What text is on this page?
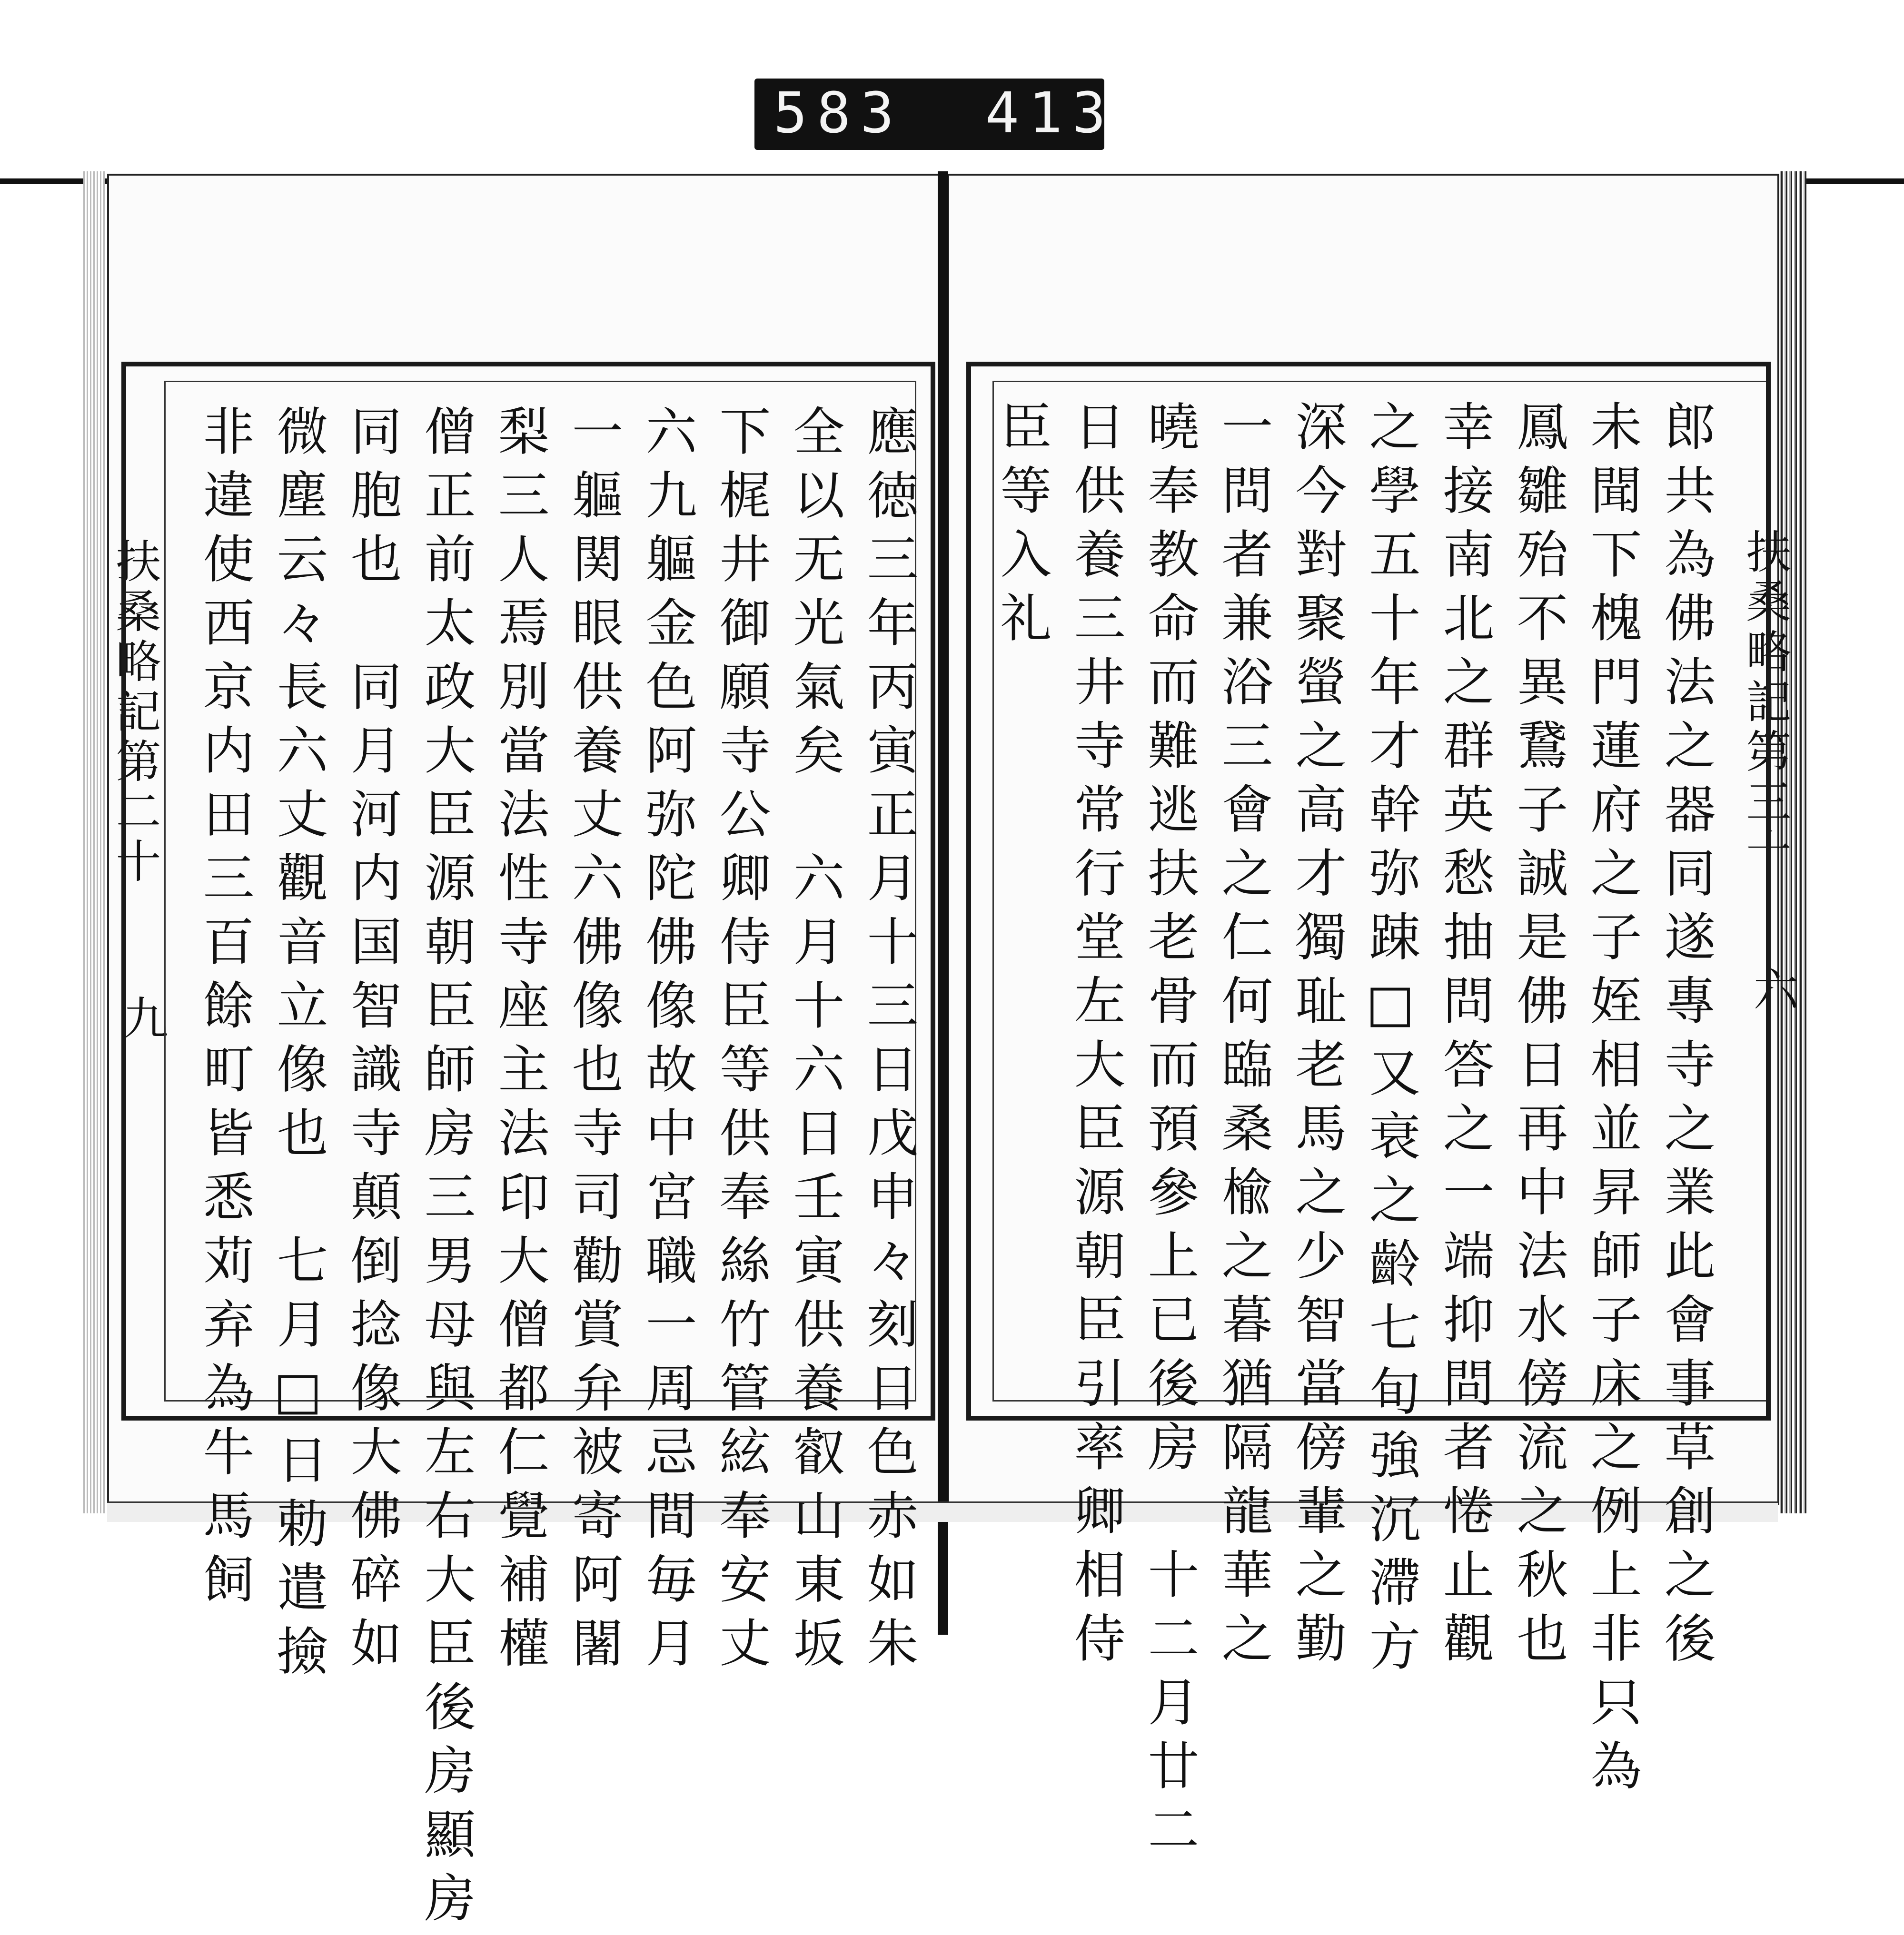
583 413
扶桑略記第二十
九
扶桑略記第三十
六
應徳三年丙寅正月十三日戊申々刻日色赤如朱
全以无光氣矣　六月十六日壬寅供養叡山東坂
下梶井御願寺公卿侍臣等供奉絲竹管絃奉安丈
六九軀金色阿弥陀佛像故中宮職一周忌間毎月
一軀関眼供養丈六佛像也寺司勸賞弁被寄阿闍
梨三人焉別當法性寺座主法印大僧都仁覺補權
僧正前太政大臣源朝臣師房三男母與左右大臣後房顯房
同胞也　同月河内国智識寺顛倒捻像大佛碎如
微塵云々長六丈觀音立像也　七月□日勅遣撿
非違使西京内田三百餘町皆悉苅弃為牛馬飼	郎共為佛法之器同遂專寺之業此會事草創之後
未聞下槐門蓮府之子姪相並昇師子床之例上非只為
鳳雛殆不異鵞子誠是佛日再中法水傍流之秋也
幸接南北之群英愁抽問答之一端抑問者惓止觀
之學五十年才幹弥踈□又衰之齡七旬強沉滯方
深今對聚螢之高才獨耻老馬之少智當傍輩之勤
一問者兼浴三會之仁何臨桑楡之暮猶隔龍華之
曉奉教命而難逃扶老骨而預參上已後房　十二月廿二
日供養三井寺常行堂左大臣源朝臣引率卿相侍
臣等入礼
